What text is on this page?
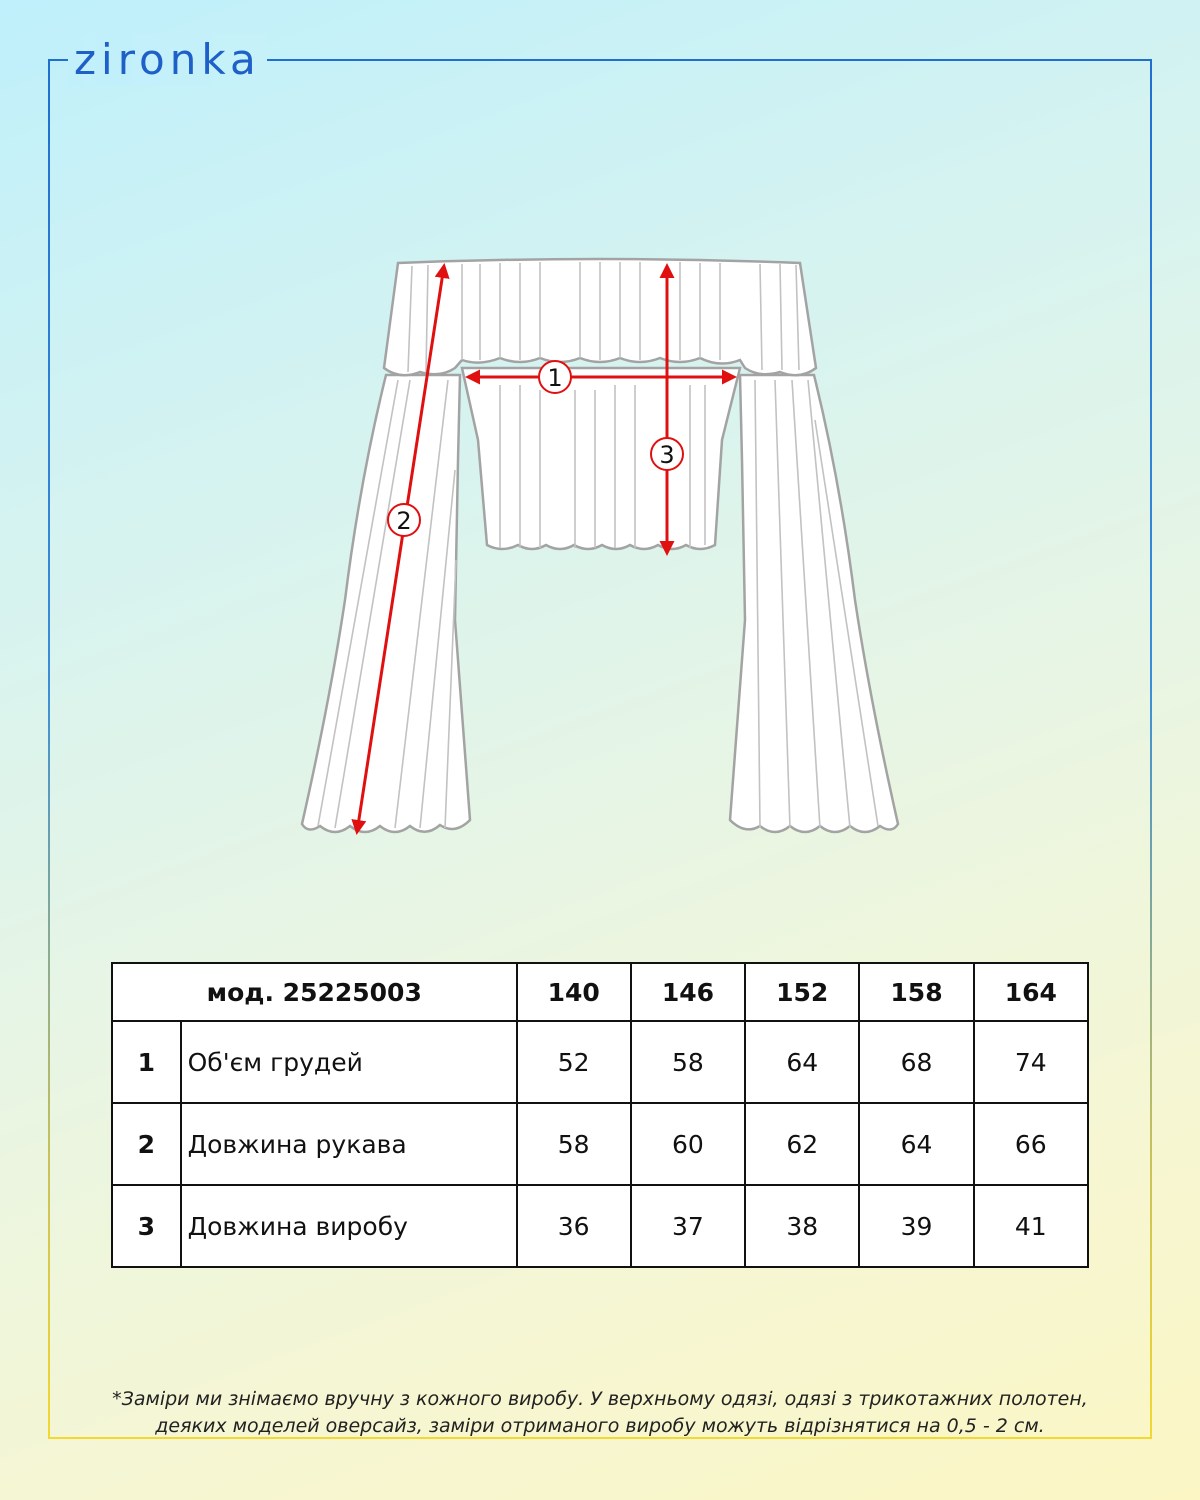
zironka
1
2
3
мод. 25225003		140	146	152	158	164
1	Об'єм грудей	52	58	64	68	74
2	Довжина рукава	58	60	62	64	66
3	Довжина виробу	36	37	38	39	41
*Заміри ми знімаємо вручну з кожного виробу. У верхньому одязі, одязі з трикотажних полотен,
деяких моделей оверсайз, заміри отриманого виробу можуть відрізнятися на 0,5 - 2 см.
